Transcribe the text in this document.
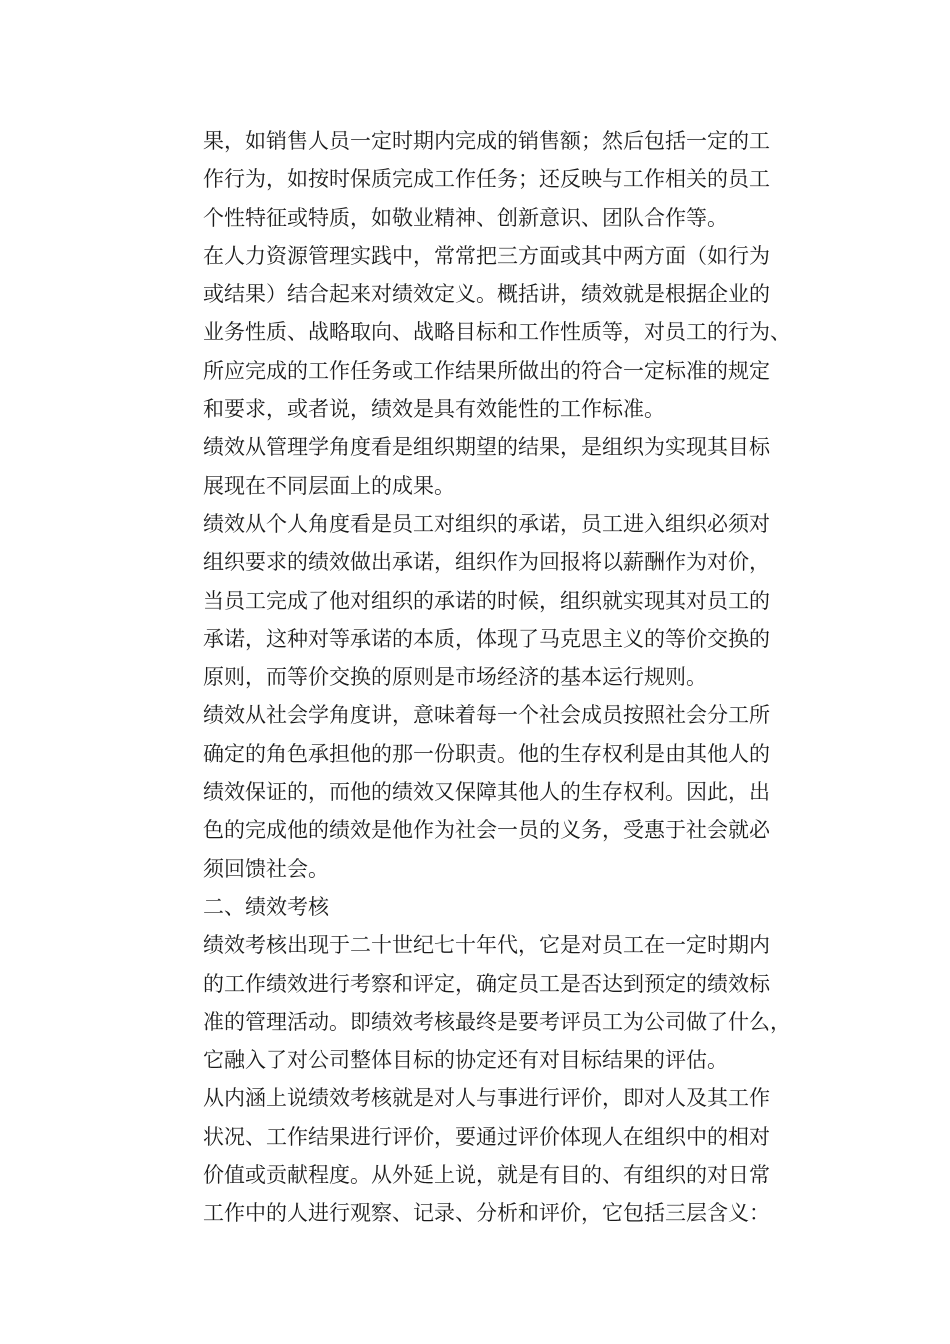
果，如销售人员一定时期内完成的销售额；然后包括一定的工
作行为，如按时保质完成工作任务；还反映与工作相关的员工
个性特征或特质，如敬业精神、创新意识、团队合作等。
在人力资源管理实践中，常常把三方面或其中两方面（如行为
或结果）结合起来对绩效定义。概括讲，绩效就是根据企业的
业务性质、战略取向、战略目标和工作性质等，对员工的行为、
所应完成的工作任务或工作结果所做出的符合一定标准的规定
和要求，或者说，绩效是具有效能性的工作标准。
绩效从管理学角度看是组织期望的结果，是组织为实现其目标
展现在不同层面上的成果。
绩效从个人角度看是员工对组织的承诺，员工进入组织必须对
组织要求的绩效做出承诺，组织作为回报将以薪酬作为对价，
当员工完成了他对组织的承诺的时候，组织就实现其对员工的
承诺，这种对等承诺的本质，体现了马克思主义的等价交换的
原则，而等价交换的原则是市场经济的基本运行规则。
绩效从社会学角度讲，意味着每一个社会成员按照社会分工所
确定的角色承担他的那一份职责。他的生存权利是由其他人的
绩效保证的，而他的绩效又保障其他人的生存权利。因此，出
色的完成他的绩效是他作为社会一员的义务，受惠于社会就必
须回馈社会。
二、绩效考核
绩效考核出现于二十世纪七十年代，它是对员工在一定时期内
的工作绩效进行考察和评定，确定员工是否达到预定的绩效标
准的管理活动。即绩效考核最终是要考评员工为公司做了什么，
它融入了对公司整体目标的协定还有对目标结果的评估。
从内涵上说绩效考核就是对人与事进行评价，即对人及其工作
状况、工作结果进行评价，要通过评价体现人在组织中的相对
价值或贡献程度。从外延上说，就是有目的、有组织的对日常
工作中的人进行观察、记录、分析和评价，它包括三层含义：
